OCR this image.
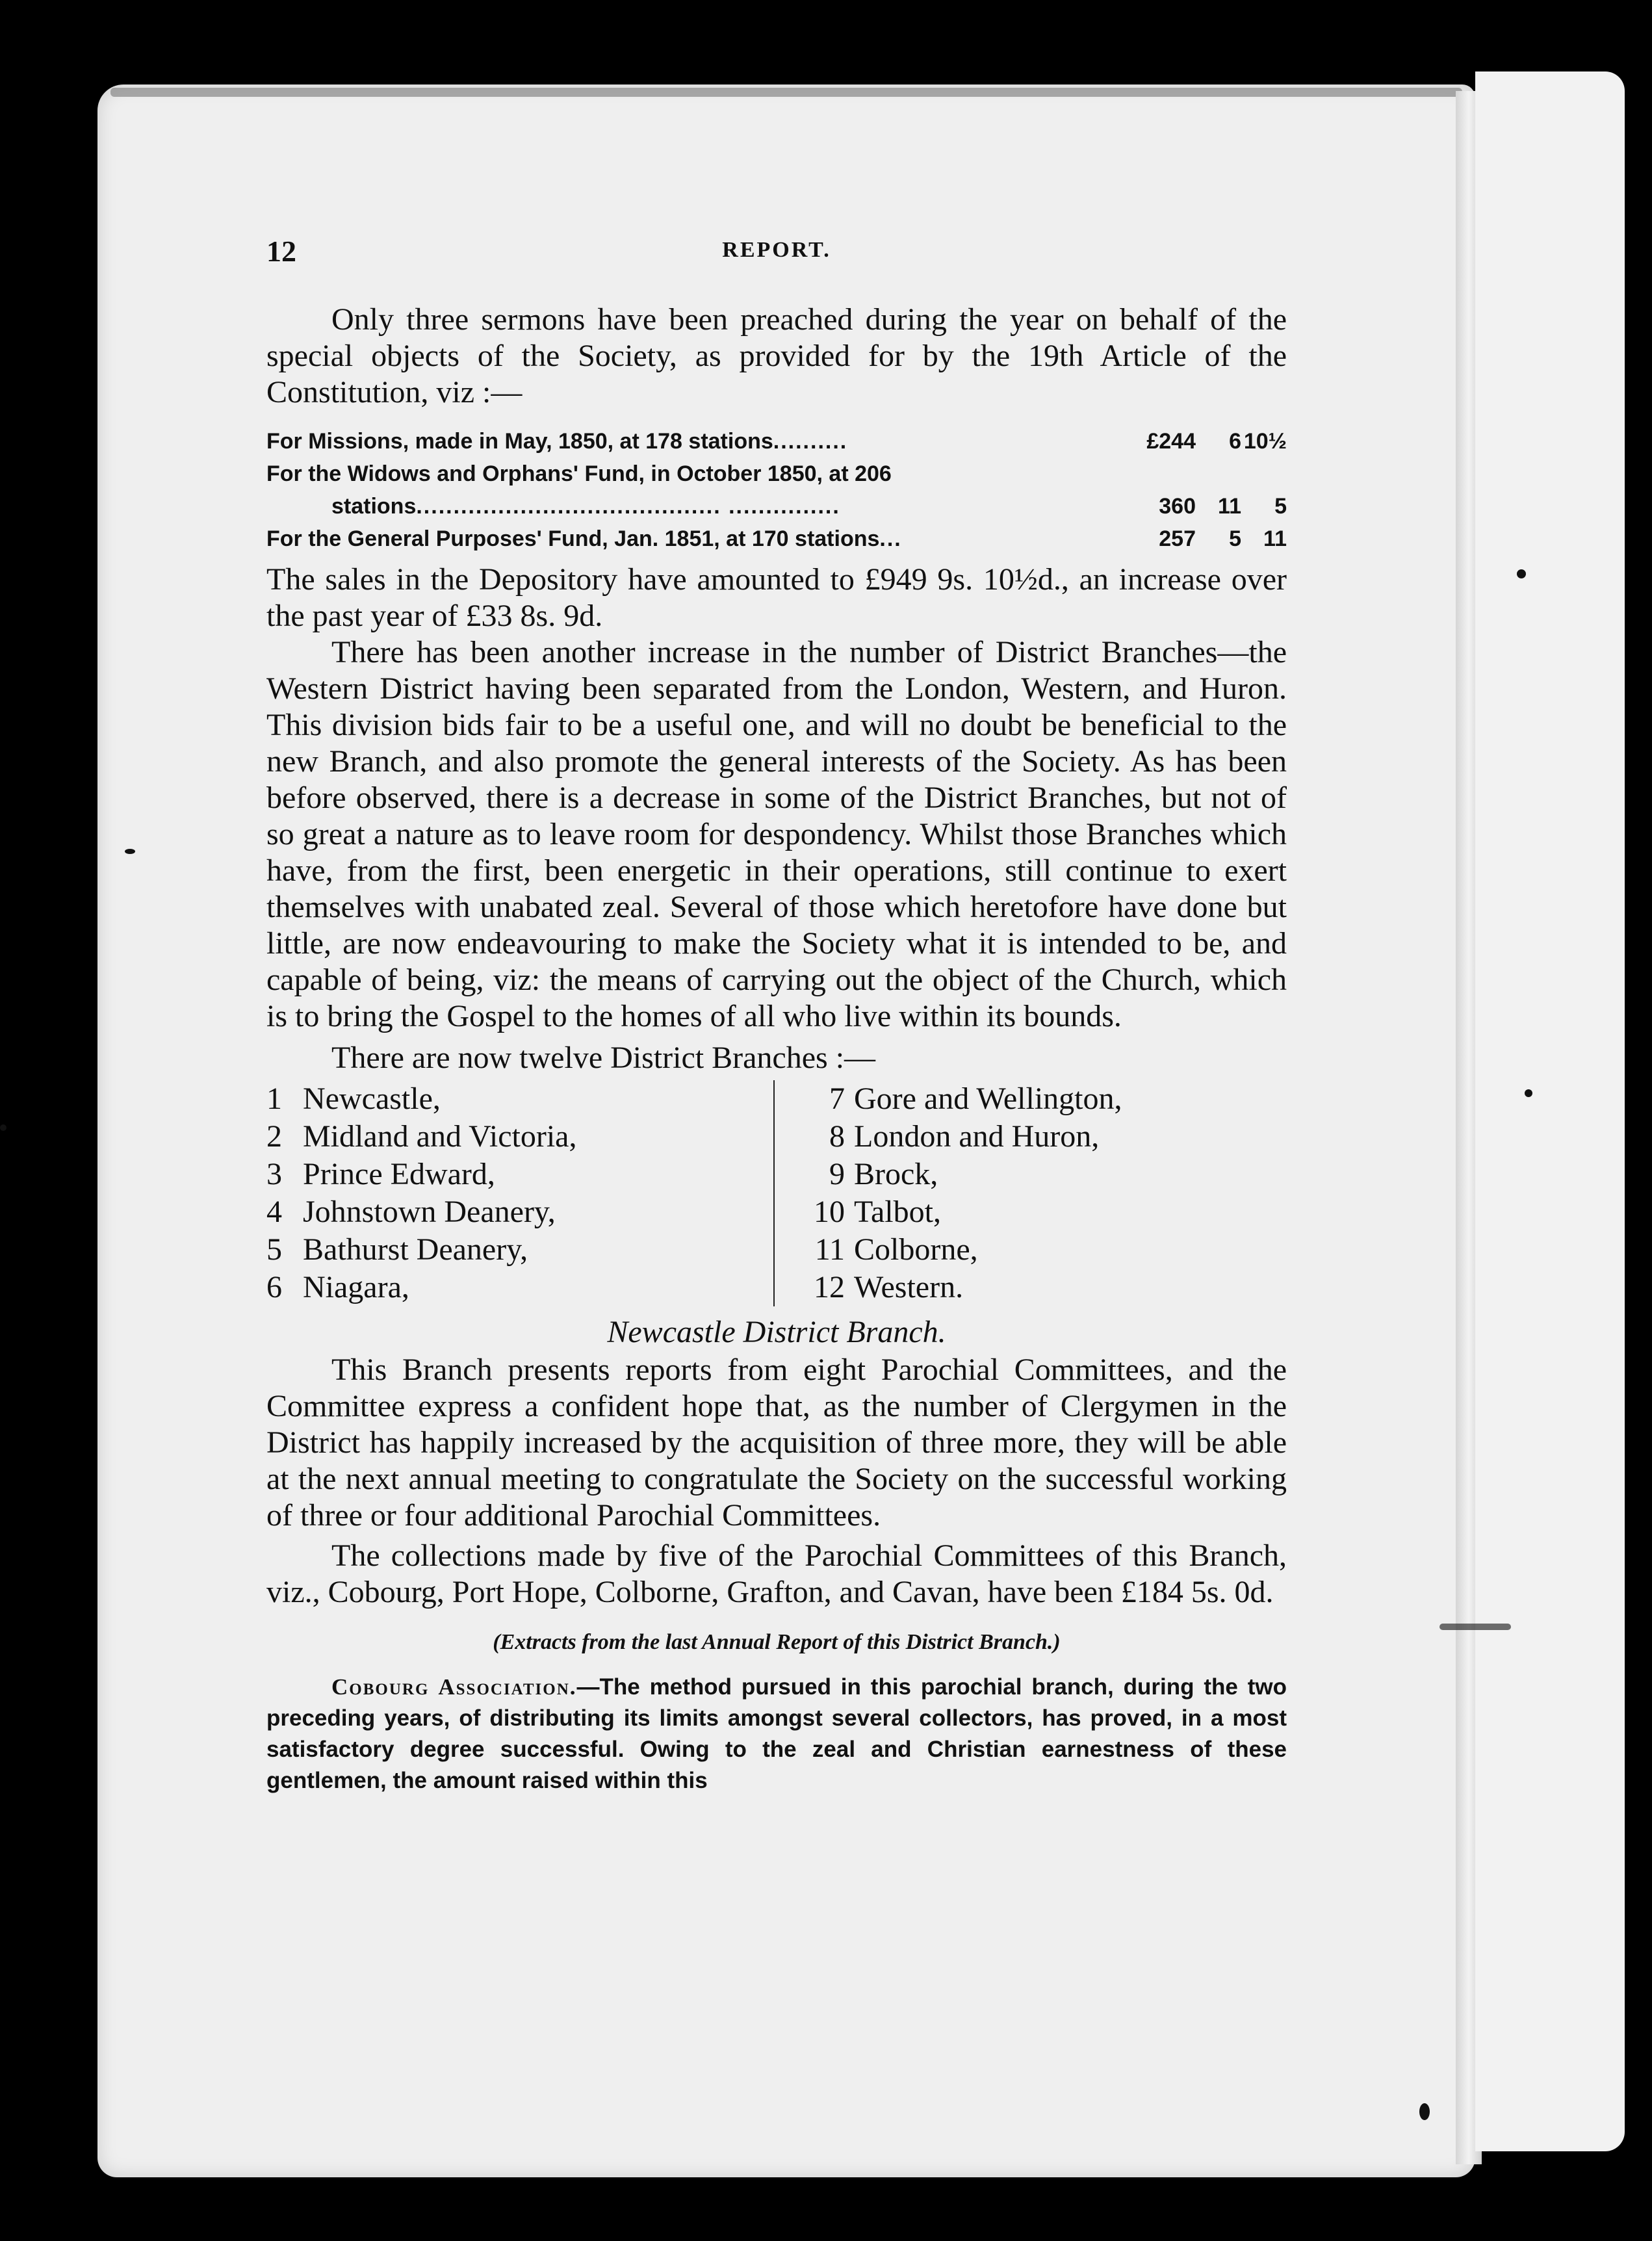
12	REPORT.

Only three sermons have been preached during the year on behalf of the special objects of the Society, as provided for by the 19th Article of the Constitution, viz :—

For Missions, made in May, 1850, at 178 stations..........	£244	6 10½
For the Widows and Orphans' Fund, in October 1850, at 206
stations......................................... ...............	360	11	5
For the General Purposes' Fund, Jan. 1851, at 170 stations...	257	5	11

The sales in the Depository have amounted to £949 9s. 10½d., an increase over the past year of £33 8s. 9d.

There has been another increase in the number of District Branches—the Western District having been separated from the London, Western, and Huron. This division bids fair to be a useful one, and will no doubt be beneficial to the new Branch, and also promote the general interests of the Society. As has been before observed, there is a decrease in some of the District Branches, but not of so great a nature as to leave room for despondency. Whilst those Branches which have, from the first, been energetic in their operations, still continue to exert themselves with unabated zeal. Several of those which heretofore have done but little, are now endeavouring to make the Society what it is intended to be, and capable of being, viz: the means of carrying out the object of the Church, which is to bring the Gospel to the homes of all who live within its bounds.

There are now twelve District Branches :—

1 Newcastle,
2 Midland and Victoria,
3 Prince Edward,
4 Johnstown Deanery,
5 Bathurst Deanery,
6 Niagara,
7 Gore and Wellington,
8 London and Huron,
9 Brock,
10 Talbot,
11 Colborne,
12 Western.
Newcastle District Branch.

This Branch presents reports from eight Parochial Committees, and the Committee express a confident hope that, as the number of Clergymen in the District has happily increased by the acquisition of three more, they will be able at the next annual meeting to congratulate the Society on the successful working of three or four additional Parochial Committees.

The collections made by five of the Parochial Committees of this Branch, viz., Cobourg, Port Hope, Colborne, Grafton, and Cavan, have been £184 5s. 0d.

(Extracts from the last Annual Report of this District Branch.)
Cobourg Association.—The method pursued in this parochial branch, during the two preceding years, of distributing its limits amongst several collectors, has proved, in a most satisfactory degree successful. Owing to the zeal and Christian earnestness of these gentlemen, the amount raised within this
